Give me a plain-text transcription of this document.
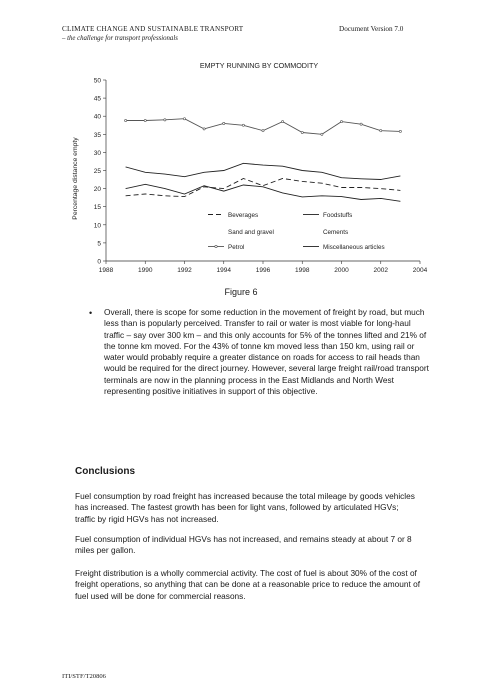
CLIMATE CHANGE AND SUSTAINABLE TRANSPORT
– the challenge for transport professionals
Document Version 7.0
EMPTY RUNNING BY COMMODITY
0
5
10
15
20
25
30
35
40
45
50
1988	1990	1992	1994	1996	1998	2000	2002	2004
Percentage distance empty	Beverages	Foodstuffs
Sand and gravel	Cements
Petrol	Miscellaneous articles
Figure 6
• Overall, there is scope for some reduction in the movement of freight by road, but much less than is popularly perceived. Transfer to rail or water is most viable for long-haul traffic – say over 300 km – and this only accounts for 5% of the tonnes lifted and 21% of the tonne km moved. For the 43% of tonne km moved less than 150 km, using rail or water would probably require a greater distance on roads for access to rail heads than would be required for the direct journey. However, several large freight rail/road transport terminals are now in the planning process in the East Midlands and North West representing positive initiatives in support of this objective.
Conclusions
Fuel consumption by road freight has increased because the total mileage by goods vehicles has increased. The fastest growth has been for light vans, followed by articulated HGVs; traffic by rigid HGVs has not increased.
Fuel consumption of individual HGVs has not increased, and remains steady at about 7 or 8 miles per gallon.
Freight distribution is a wholly commercial activity. The cost of fuel is about 30% of the cost of freight operations, so anything that can be done at a reasonable price to reduce the amount of fuel used will be done for commercial reasons.
ITI/STF/T20806
